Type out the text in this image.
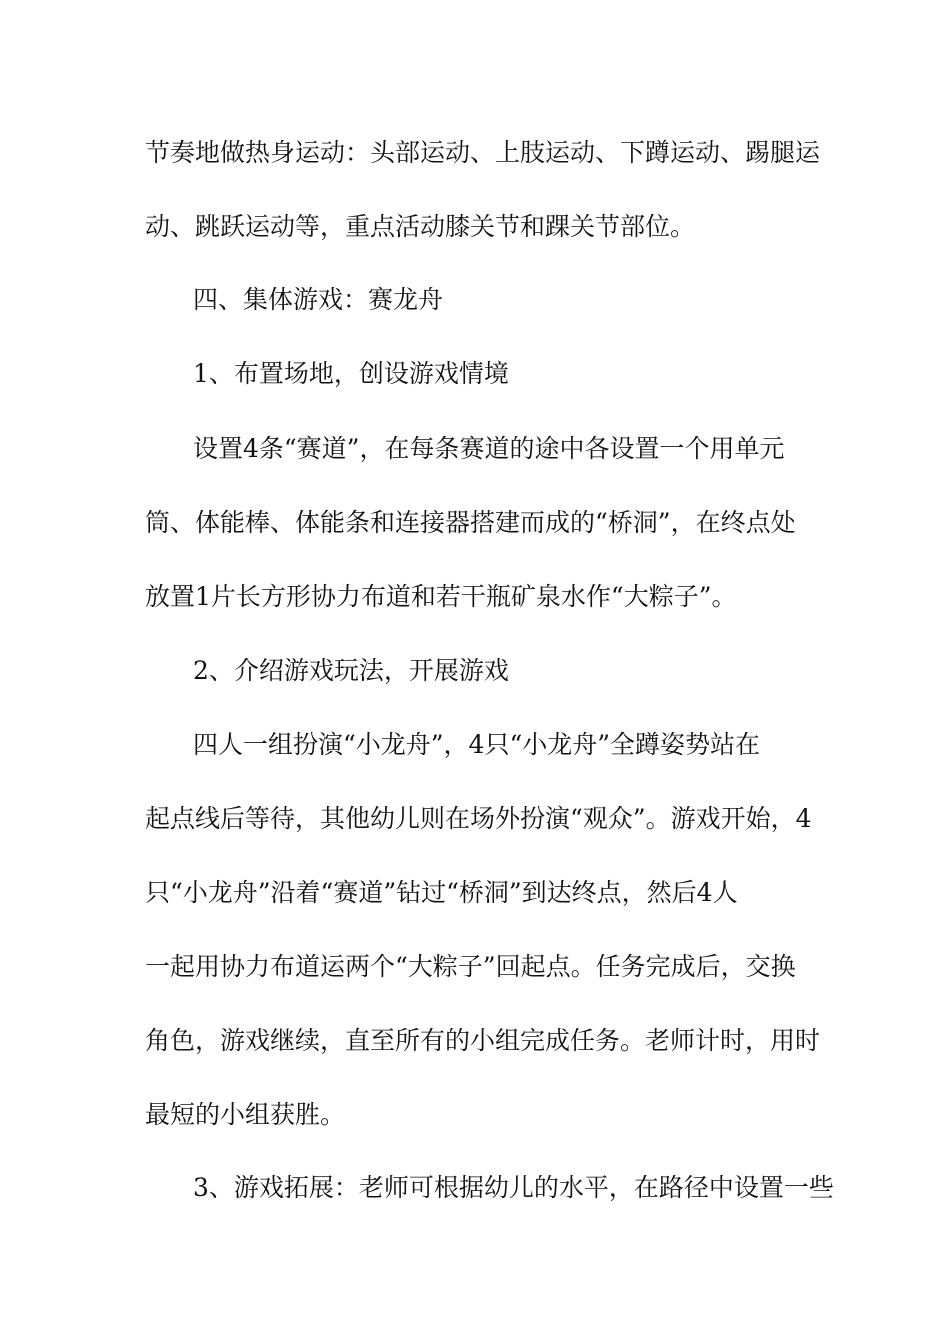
节奏地做热身运动：头部运动、上肢运动、下蹲运动、踢腿运
动、跳跃运动等，重点活动膝关节和踝关节部位。
四、集体游戏：赛龙舟
1、布置场地，创设游戏情境
设置4条“赛道”，在每条赛道的途中各设置一个用单元
筒、体能棒、体能条和连接器搭建而成的“桥洞”，在终点处
放置1片长方形协力布道和若干瓶矿泉水作“大粽子”。
2、介绍游戏玩法，开展游戏
四人一组扮演“小龙舟”，4只“小龙舟”全蹲姿势站在
起点线后等待，其他幼儿则在场外扮演“观众”。游戏开始，4
只“小龙舟”沿着“赛道”钻过“桥洞”到达终点，然后4人
一起用协力布道运两个“大粽子”回起点。任务完成后，交换
角色，游戏继续，直至所有的小组完成任务。老师计时，用时
最短的小组获胜。
3、游戏拓展：老师可根据幼儿的水平，在路径中设置一些
